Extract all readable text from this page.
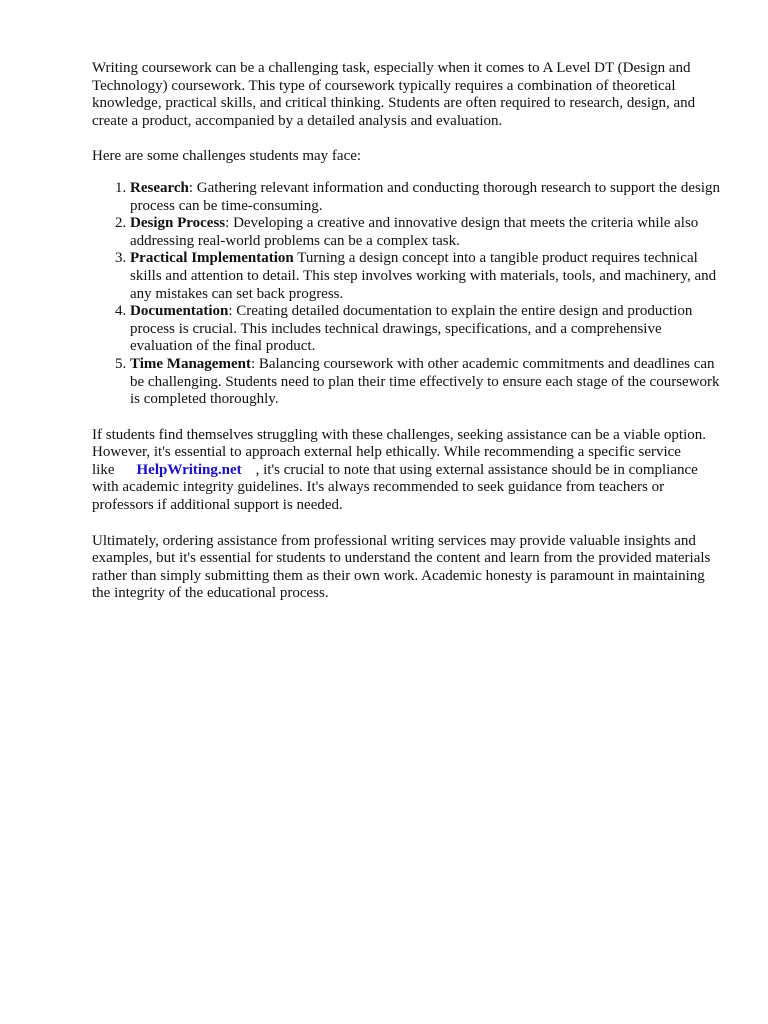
Writing coursework can be a challenging task, especially when it comes to A Level DT (Design and Technology) coursework. This type of coursework typically requires a combination of theoretical knowledge, practical skills, and critical thinking. Students are often required to research, design, and create a product, accompanied by a detailed analysis and evaluation.

Here are some challenges students may face:

1. Research: Gathering relevant information and conducting thorough research to support the design process can be time-consuming.
2. Design Process: Developing a creative and innovative design that meets the criteria while also addressing real-world problems can be a complex task.
3. Practical Implementation Turning a design concept into a tangible product requires technical skills and attention to detail. This step involves working with materials, tools, and machinery, and any mistakes can set back progress.
4. Documentation: Creating detailed documentation to explain the entire design and production process is crucial. This includes technical drawings, specifications, and a comprehensive evaluation of the final product.
5. Time Management: Balancing coursework with other academic commitments and deadlines can be challenging. Students need to plan their time effectively to ensure each stage of the coursework is completed thoroughly.

If students find themselves struggling with these challenges, seeking assistance can be a viable option. However, it's essential to approach external help ethically. While recommending a specific service like HelpWriting.net , it's crucial to note that using external assistance should be in compliance with academic integrity guidelines. It's always recommended to seek guidance from teachers or professors if additional support is needed.

Ultimately, ordering assistance from professional writing services may provide valuable insights and examples, but it's essential for students to understand the content and learn from the provided materials rather than simply submitting them as their own work. Academic honesty is paramount in maintaining the integrity of the educational process.
